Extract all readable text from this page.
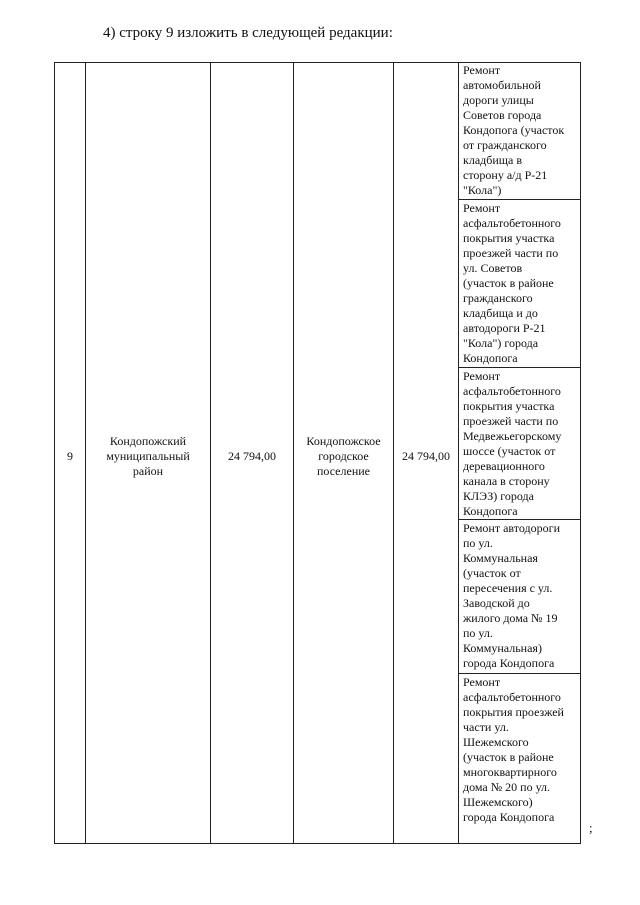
4) строку 9 изложить в следующей редакции:
9
Кондопожский
муниципальный
район
24 794,00
Кондопожское
городское
поселение
24 794,00
Ремонт
автомобильной
дороги улицы
Советов города
Кондопога (участок
от гражданского
кладбища в
сторону а/д Р-21
"Кола")
Ремонт
асфальтобетонного
покрытия участка
проезжей части по
ул. Советов
(участок в районе
гражданского
кладбища и до
автодороги Р-21
"Кола") города
Кондопога
Ремонт
асфальтобетонного
покрытия участка
проезжей части по
Медвежьегорскому
шоссе (участок от
деревационного
канала в сторону
КЛЭЗ) города
Кондопога
Ремонт автодороги
по ул.
Коммунальная
(участок от
пересечения с ул.
Заводской до
жилого дома № 19
по ул.
Коммунальная)
города Кондопога
Ремонт
асфальтобетонного
покрытия проезжей
части ул.
Шежемского
(участок в районе
многоквартирного
дома № 20 по ул.
Шежемского)
города Кондопога
;
